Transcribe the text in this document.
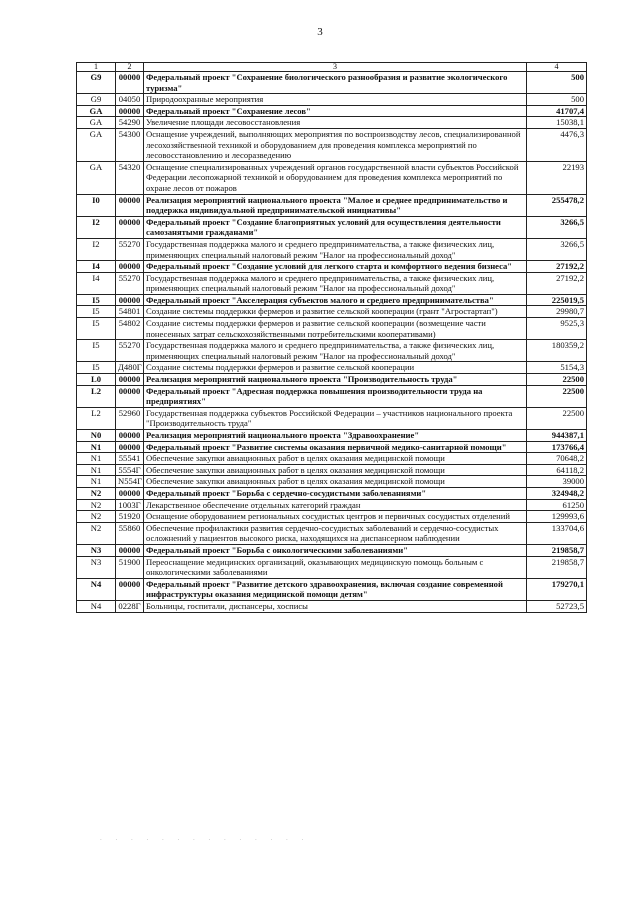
3
1	2	3	4
G9	00000	Федеральный проект "Сохранение биологического разнообразия и развитие экологического туризма"	500
G9	04050	Природоохранные мероприятия	500
GA	00000	Федеральный проект "Сохранение лесов"	41707,4
GA	54290	Увеличение площади лесовосстановления	15038,1
GA	54300	Оснащение учреждений, выполняющих мероприятия по воспроизводству лесов, специализированной лесохозяйственной техникой и оборудованием для проведения комплекса мероприятий по лесовосстановлению и лесоразведению	4476,3
GA	54320	Оснащение специализированных учреждений органов государственной власти субъектов Российской Федерации лесопожарной техникой и оборудованием для проведения комплекса мероприятий по охране лесов от пожаров	22193
I0	00000	Реализация мероприятий национального проекта "Малое и среднее предпринимательство и поддержка индивидуальной предпринимательской инициативы"	255478,2
I2	00000	Федеральный проект "Создание благоприятных условий для осуществления деятельности самозанятыми гражданами"	3266,5
I2	55270	Государственная поддержка малого и среднего предпринимательства, а также физических лиц, применяющих специальный налоговый режим "Налог на профессиональный доход"	3266,5
I4	00000	Федеральный проект "Создание условий для легкого старта и комфортного ведения бизнеса"	27192,2
I4	55270	Государственная поддержка малого и среднего предпринимательства, а также физических лиц, применяющих специальный налоговый режим "Налог на профессиональный доход"	27192,2
I5	00000	Федеральный проект "Акселерация субъектов малого и среднего предпринимательства"	225019,5
I5	54801	Создание системы поддержки фермеров и развитие сельской кооперации (грант "Агростартап")	29980,7
I5	54802	Создание системы поддержки фермеров и развитие сельской кооперации (возмещение части понесенных затрат сельскохозяйственными потребительскими кооперативами)	9525,3
I5	55270	Государственная поддержка малого и среднего предпринимательства, а также физических лиц, применяющих специальный налоговый режим "Налог на профессиональный доход"	180359,2
I5	Д480Г	Создание системы поддержки фермеров и развитие сельской кооперации	5154,3
L0	00000	Реализация мероприятий национального проекта "Производительность труда"	22500
L2	00000	Федеральный проект "Адресная поддержка повышения производительности труда на предприятиях"	22500
L2	52960	Государственная поддержка субъектов Российской Федерации – участников национального проекта "Производительность труда"	22500
N0	00000	Реализация мероприятий национального проекта "Здравоохранение"	944387,1
N1	00000	Федеральный проект "Развитие системы оказания первичной медико-санитарной помощи"	173766,4
N1	55541	Обеспечение закупки авиационных работ в целях оказания медицинской помощи	70648,2
N1	5554Г	Обеспечение закупки авиационных работ в целях оказания медицинской помощи	64118,2
N1	N554Г	Обеспечение закупки авиационных работ в целях оказания медицинской помощи	39000
N2	00000	Федеральный проект "Борьба с сердечно-сосудистыми заболеваниями"	324948,2
N2	1003Г	Лекарственное обеспечение отдельных категорий граждан	61250
N2	51920	Оснащение оборудованием региональных сосудистых центров и первичных сосудистых отделений	129993,6
N2	55860	Обеспечение профилактики развития сердечно-сосудистых заболеваний и сердечно-сосудистых осложнений у пациентов высокого риска, находящихся на диспансерном наблюдении	133704,6
N3	00000	Федеральный проект "Борьба с онкологическими заболеваниями"	219858,7
N3	51900	Переоснащение медицинских организаций, оказывающих медицинскую помощь больным с онкологическими заболеваниями	219858,7
N4	00000	Федеральный проект "Развитие детского здравоохранения, включая создание современной инфраструктуры оказания медицинской помощи детям"	179270,1
N4	0228Г	Больницы, госпитали, диспансеры, хосписы	52723,5
. . . . . . . . . . . . . .
